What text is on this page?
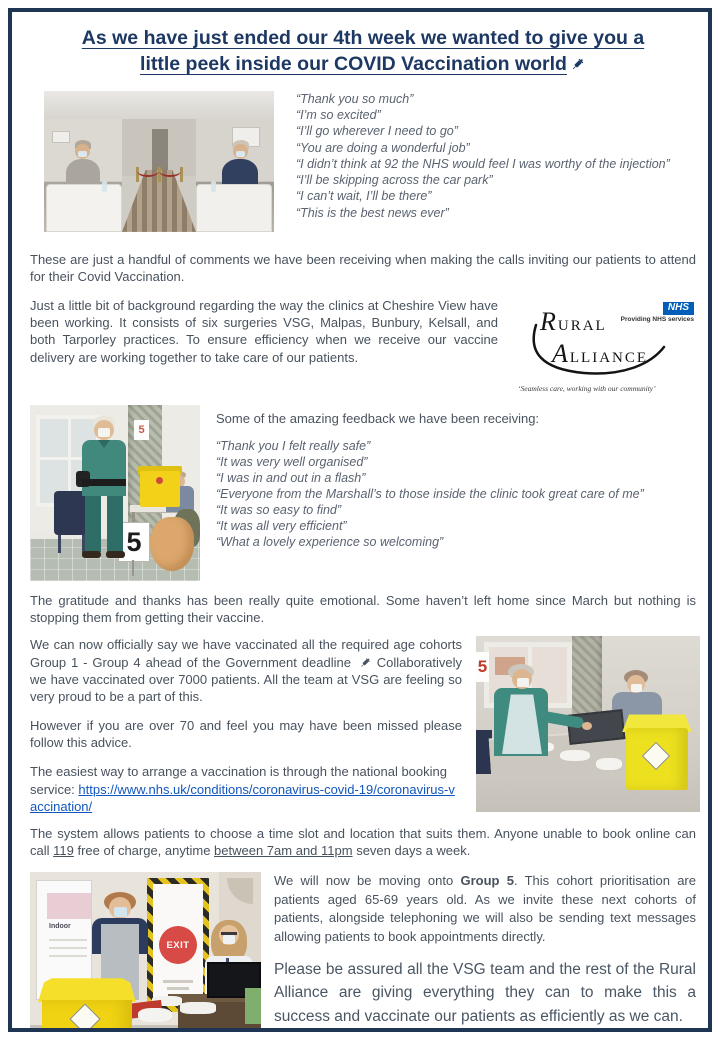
As we have just ended our 4th week we wanted to give you a
little peek inside our COVID Vaccination world
“Thank you so much”
“I’m so excited”
“I’ll go wherever I need to go”
“You are doing a wonderful job”
“I didn’t think at 92 the NHS would feel I was worthy of the injection”
“I’ll be skipping across the car park”
“I can’t wait, I’ll be there”
“This is the best news ever”

These are just a handful of comments we have been receiving when making the calls inviting our patients to attend for their Covid Vaccination.

Just a little bit of background regarding the way the clinics at Cheshire View have been working. It consists of six surgeries VSG, Malpas, Bunbury, Kelsall, and both Tarporley practices. To ensure efficiency when we receive our vaccine delivery are working together to take care of our patients.

NHS
Providing NHS services
RURAL
ALLIANCE
‘Seamless care, working with our community’
5
5
Some of the amazing feedback we have been receiving:
“Thank you I felt really safe”
“It was very well organised”
“I was in and out in a flash”
“Everyone from the Marshall’s to those inside the clinic took great care of me”
“It was so easy to find”
“It was all very efficient”
“What a lovely experience so welcoming”

The gratitude and thanks has been really quite emotional. Some haven’t left home since March but nothing is stopping them from getting their vaccine.

We can now officially say we have vaccinated all the required age cohorts Group 1 - Group 4 ahead of the Government deadline  Collaboratively we have vaccinated over 7000 patients. All the team at VSG are feeling so very proud to be a part of this.

However if you are over 70 and feel you may have been missed please follow this advice.

The easiest way to arrange a vaccination is through the national booking service: https://www.nhs.uk/conditions/coronavirus-covid-19/coronavirus-vaccination/

5

The system allows patients to choose a time slot and location that suits them. Anyone unable to book online can call 119 free of charge, anytime between 7am and 11pm seven days a week.

Indoor
EXIT

We will now be moving onto Group 5. This cohort prioritisation are patients aged 65-69 years old. As we invite these next cohorts of patients, alongside telephoning we will also be sending text messages allowing patients to book appointments directly.

Please be assured all the VSG team and the rest of the Rural Alliance are giving everything they can to make this a success and vaccinate our patients as efficiently as we can.
